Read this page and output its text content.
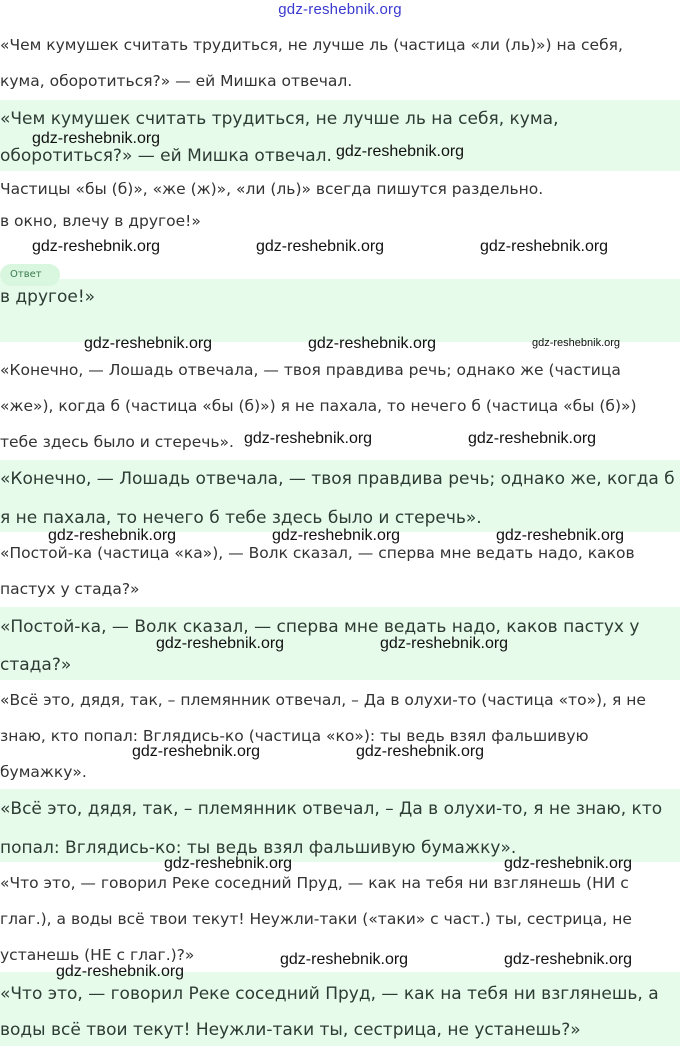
gdz-reshebnik.org
Ответ
«Чем кумушек считать трудиться, не лучше ль (частица «ли (ль)») на себя,
кума, оборотиться?» — ей Мишка отвечал.
«Чем кумушек считать трудиться, не лучше ль на себя, кума,
оборотиться?» — ей Мишка отвечал.
Частицы «бы (б)», «же (ж)», «ли (ль)» всегда пишутся раздельно.
в окно, влечу в другое!»
в другое!»
«Конечно, — Лошадь отвечала, — твоя правдива речь; однако же (частица
«же»), когда б (частица «бы (б)») я не пахала, то нечего б (частица «бы (б)»)
тебе здесь было и стеречь».
«Конечно, — Лошадь отвечала, — твоя правдива речь; однако же, когда б
я не пахала, то нечего б тебе здесь было и стеречь».
«Постой-ка (частица «ка»), — Волк сказал, — сперва мне ведать надо, каков
пастух у стада?»
«Постой-ка, — Волк сказал, — сперва мне ведать надо, каков пастух у
стада?»
«Всё это, дядя, так, – племянник отвечал, – Да в олухи-то (частица «то»), я не
знаю, кто попал: Вглядись-ко (частица «ко»): ты ведь взял фальшивую
бумажку».
«Всё это, дядя, так, – племянник отвечал, – Да в олухи-то, я не знаю, кто
попал: Вглядись-ко: ты ведь взял фальшивую бумажку».
«Что это, — говорил Реке соседний Пруд, — как на тебя ни взглянешь (НИ с
глаг.), а воды всё твои текут! Неужли-таки («таки» с част.) ты, сестрица, не
устанешь (НЕ с глаг.)?»
«Что это, — говорил Реке соседний Пруд, — как на тебя ни взглянешь, а
воды всё твои текут! Неужли-таки ты, сестрица, не устанешь?»
gdz-reshebnik.org
gdz-reshebnik.org
gdz-reshebnik.org	gdz-reshebnik.org	gdz-reshebnik.org
gdz-reshebnik.org	gdz-reshebnik.org	gdz-reshebnik.org
gdz-reshebnik.org	gdz-reshebnik.org
gdz-reshebnik.org	gdz-reshebnik.org	gdz-reshebnik.org
gdz-reshebnik.org	gdz-reshebnik.org
gdz-reshebnik.org	gdz-reshebnik.org
gdz-reshebnik.org	gdz-reshebnik.org
gdz-reshebnik.org	gdz-reshebnik.org
gdz-reshebnik.org
